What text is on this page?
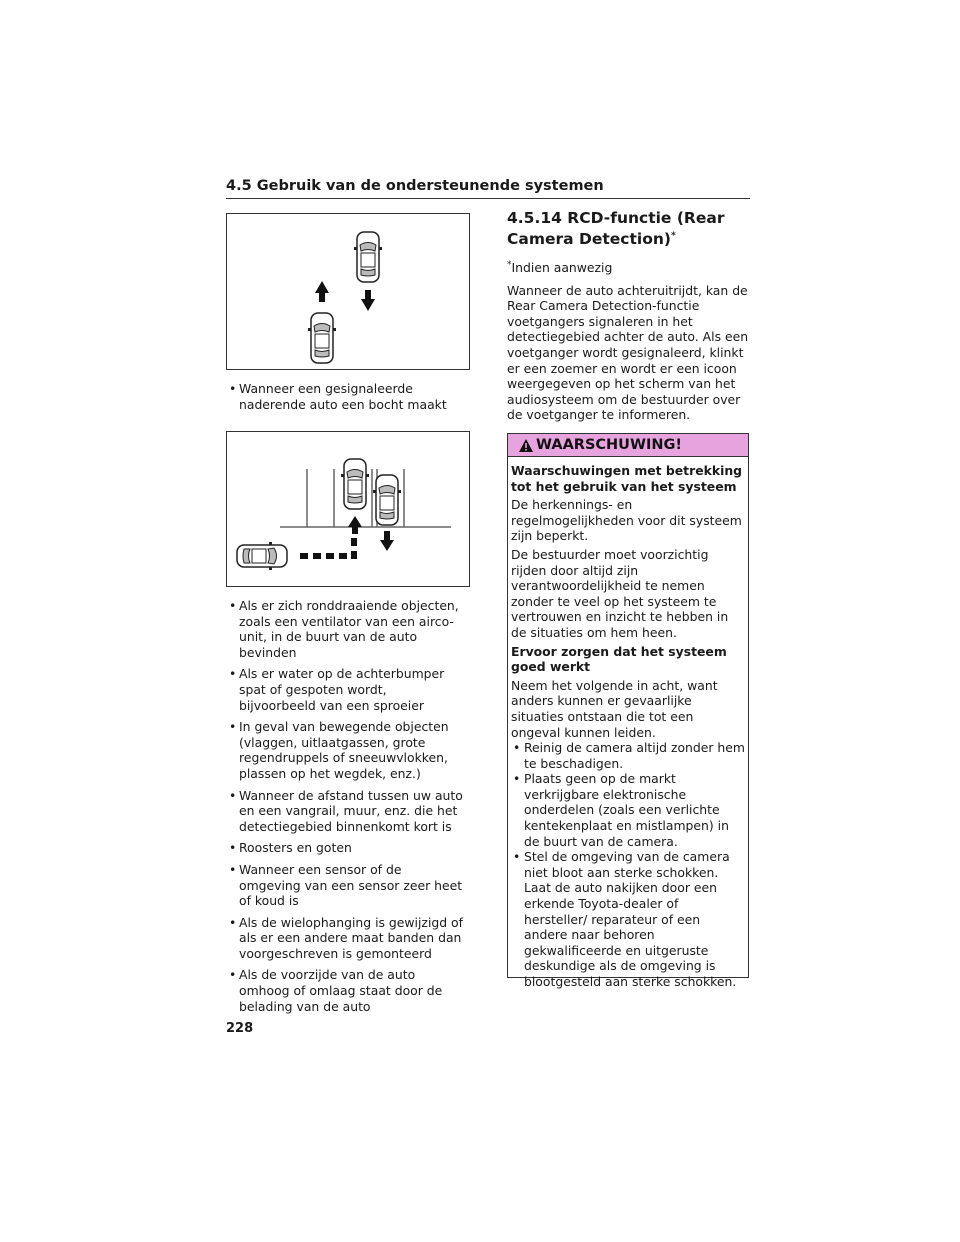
4.5 Gebruik van de ondersteunende systemen
• Wanneer een gesignaleerde naderende auto een bocht maakt
• Als er zich ronddraaiende objecten, zoals een ventilator van een airco-unit, in de buurt van de auto bevinden
• Als er water op de achterbumper spat of gespoten wordt, bijvoorbeeld van een sproeier
• In geval van bewegende objecten (vlaggen, uitlaatgassen, grote regendruppels of sneeuwvlokken, plassen op het wegdek, enz.)
• Wanneer de afstand tussen uw auto en een vangrail, muur, enz. die het detectiegebied binnenkomt kort is
• Roosters en goten
• Wanneer een sensor of de omgeving van een sensor zeer heet of koud is
• Als de wielophanging is gewijzigd of als er een andere maat banden dan voorgeschreven is gemonteerd
• Als de voorzijde van de auto omhoog of omlaag staat door de belading van de auto
4.5.14 RCD-functie (Rear Camera Detection)*

*Indien aanwezig

Wanneer de auto achteruitrijdt, kan de Rear Camera Detection-functie voetgangers signaleren in het detectiegebied achter de auto. Als een voetganger wordt gesignaleerd, klinkt er een zoemer en wordt er een icoon weergegeven op het scherm van het audiosysteem om de bestuurder over de voetganger te informeren.

WAARSCHUWING!

Waarschuwingen met betrekking tot het gebruik van het systeem

De herkennings- en regelmogelijkheden voor dit systeem zijn beperkt.

De bestuurder moet voorzichtig rijden door altijd zijn verantwoordelijkheid te nemen zonder te veel op het systeem te vertrouwen en inzicht te hebben in de situaties om hem heen.

Ervoor zorgen dat het systeem goed werkt

Neem het volgende in acht, want anders kunnen er gevaarlijke situaties ontstaan die tot een ongeval kunnen leiden.

• Reinig de camera altijd zonder hem te beschadigen.
• Plaats geen op de markt verkrijgbare elektronische onderdelen (zoals een verlichte kentekenplaat en mistlampen) in de buurt van de camera.
• Stel de omgeving van de camera niet bloot aan sterke schokken. Laat de auto nakijken door een erkende Toyota-dealer of hersteller/ reparateur of een andere naar behoren gekwalificeerde en uitgeruste deskundige als de omgeving is blootgesteld aan sterke schokken.
228
